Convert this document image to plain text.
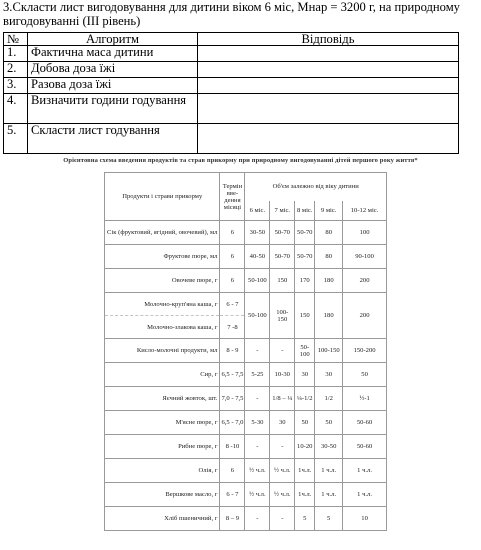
3.Скласти лист вигодовування для дитини віком 6 міс, Мнар = 3200 г, на природному вигодовуванні (ІІІ рівень)
№	Алгоритм	Відповідь
1.	Фактична маса дитини	
2.	Добова доза їжі	
3.	Разова доза їжі	
4.	Визначити години годування	
5.	Скласти лист годування	
Орієнтовна схема введення продуктів та страв прикорму при природному вигодовуванні дітей першого року життя*
Продукти і страви прикорму	Термін вве-дення місяці	Об'єм залежно від віку дитини				
		6 міс.	7 міс.	8 міс.	9 міс.	10-12 міс.
Сік (фруктовий, ягідний, овочевий), мл	6	30-50	50-70	50-70	80	100
Фруктове пюре, мл	6	40-50	50-70	50-70	80	90-100
Овочеве пюре, г	6	50-100	150	170	180	200
Молочно-круп'яна каша, г	6 - 7	50-100	100-150	150	180	200
Молочно-злакова каша, г	7 -8					
Кисло-молочні продукти, мл	8 - 9	-	-	50-100	100-150	150-200
Сир, г	6,5 - 7,5	5-25	10-30	30	30	50
Яєчний жовток, шт.	7,0 - 7,5	-	1/8 – ¼	¼-1/2	1/2	½-1
М'ясне пюре, г	6,5 - 7,0	5-30	30	50	50	50-60
Рибне пюре, г	8 -10	-	-	10-20	30-50	50-60
Олія, г	6	½ ч.л.	½ ч.л.	1ч.л.	1 ч.л.	1 ч.л.
Вершкове масло, г	6 - 7	½ ч.л.	½ ч.л.	1ч.л.	1 ч.л.	1 ч.л.
Хліб пшеничний, г	8 – 9	-	-	5	5	10
